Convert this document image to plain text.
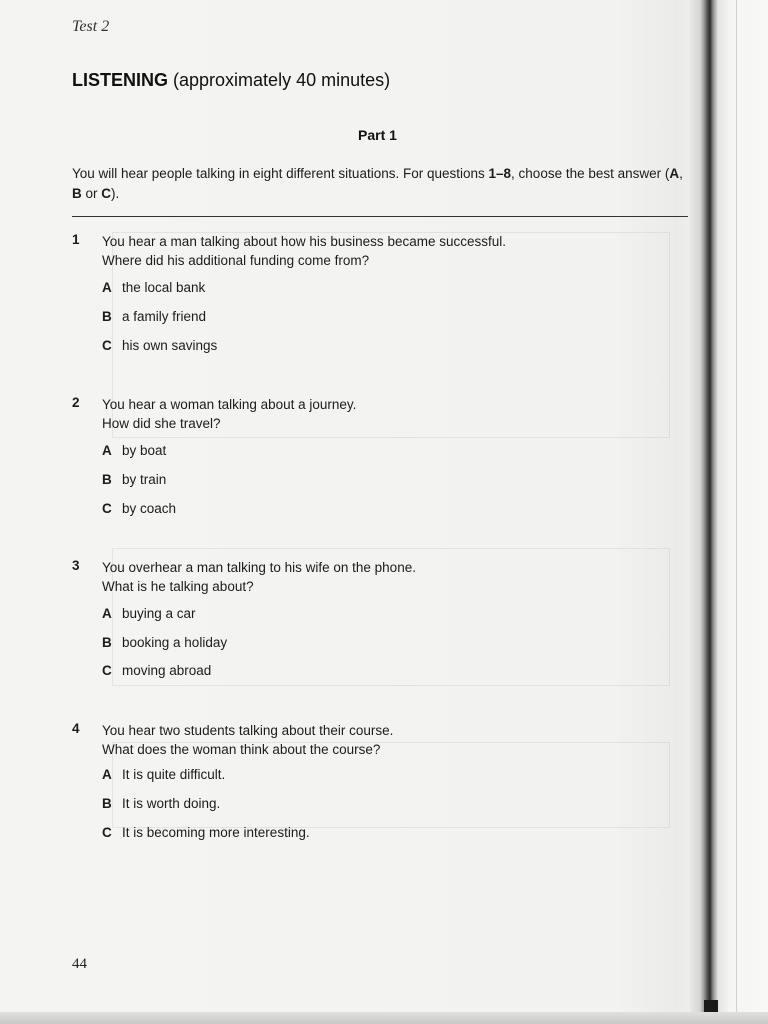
Test 2
LISTENING (approximately 40 minutes)
Part 1
You will hear people talking in eight different situations. For questions 1–8, choose the best answer (A, B or C).
1 You hear a man talking about how his business became successful.
Where did his additional funding come from?
A the local bank
B a family friend
C his own savings
2 You hear a woman talking about a journey.
How did she travel?
A by boat
B by train
C by coach
3 You overhear a man talking to his wife on the phone.
What is he talking about?
A buying a car
B booking a holiday
C moving abroad
4 You hear two students talking about their course.
What does the woman think about the course?
A It is quite difficult.
B It is worth doing.
C It is becoming more interesting.
44
